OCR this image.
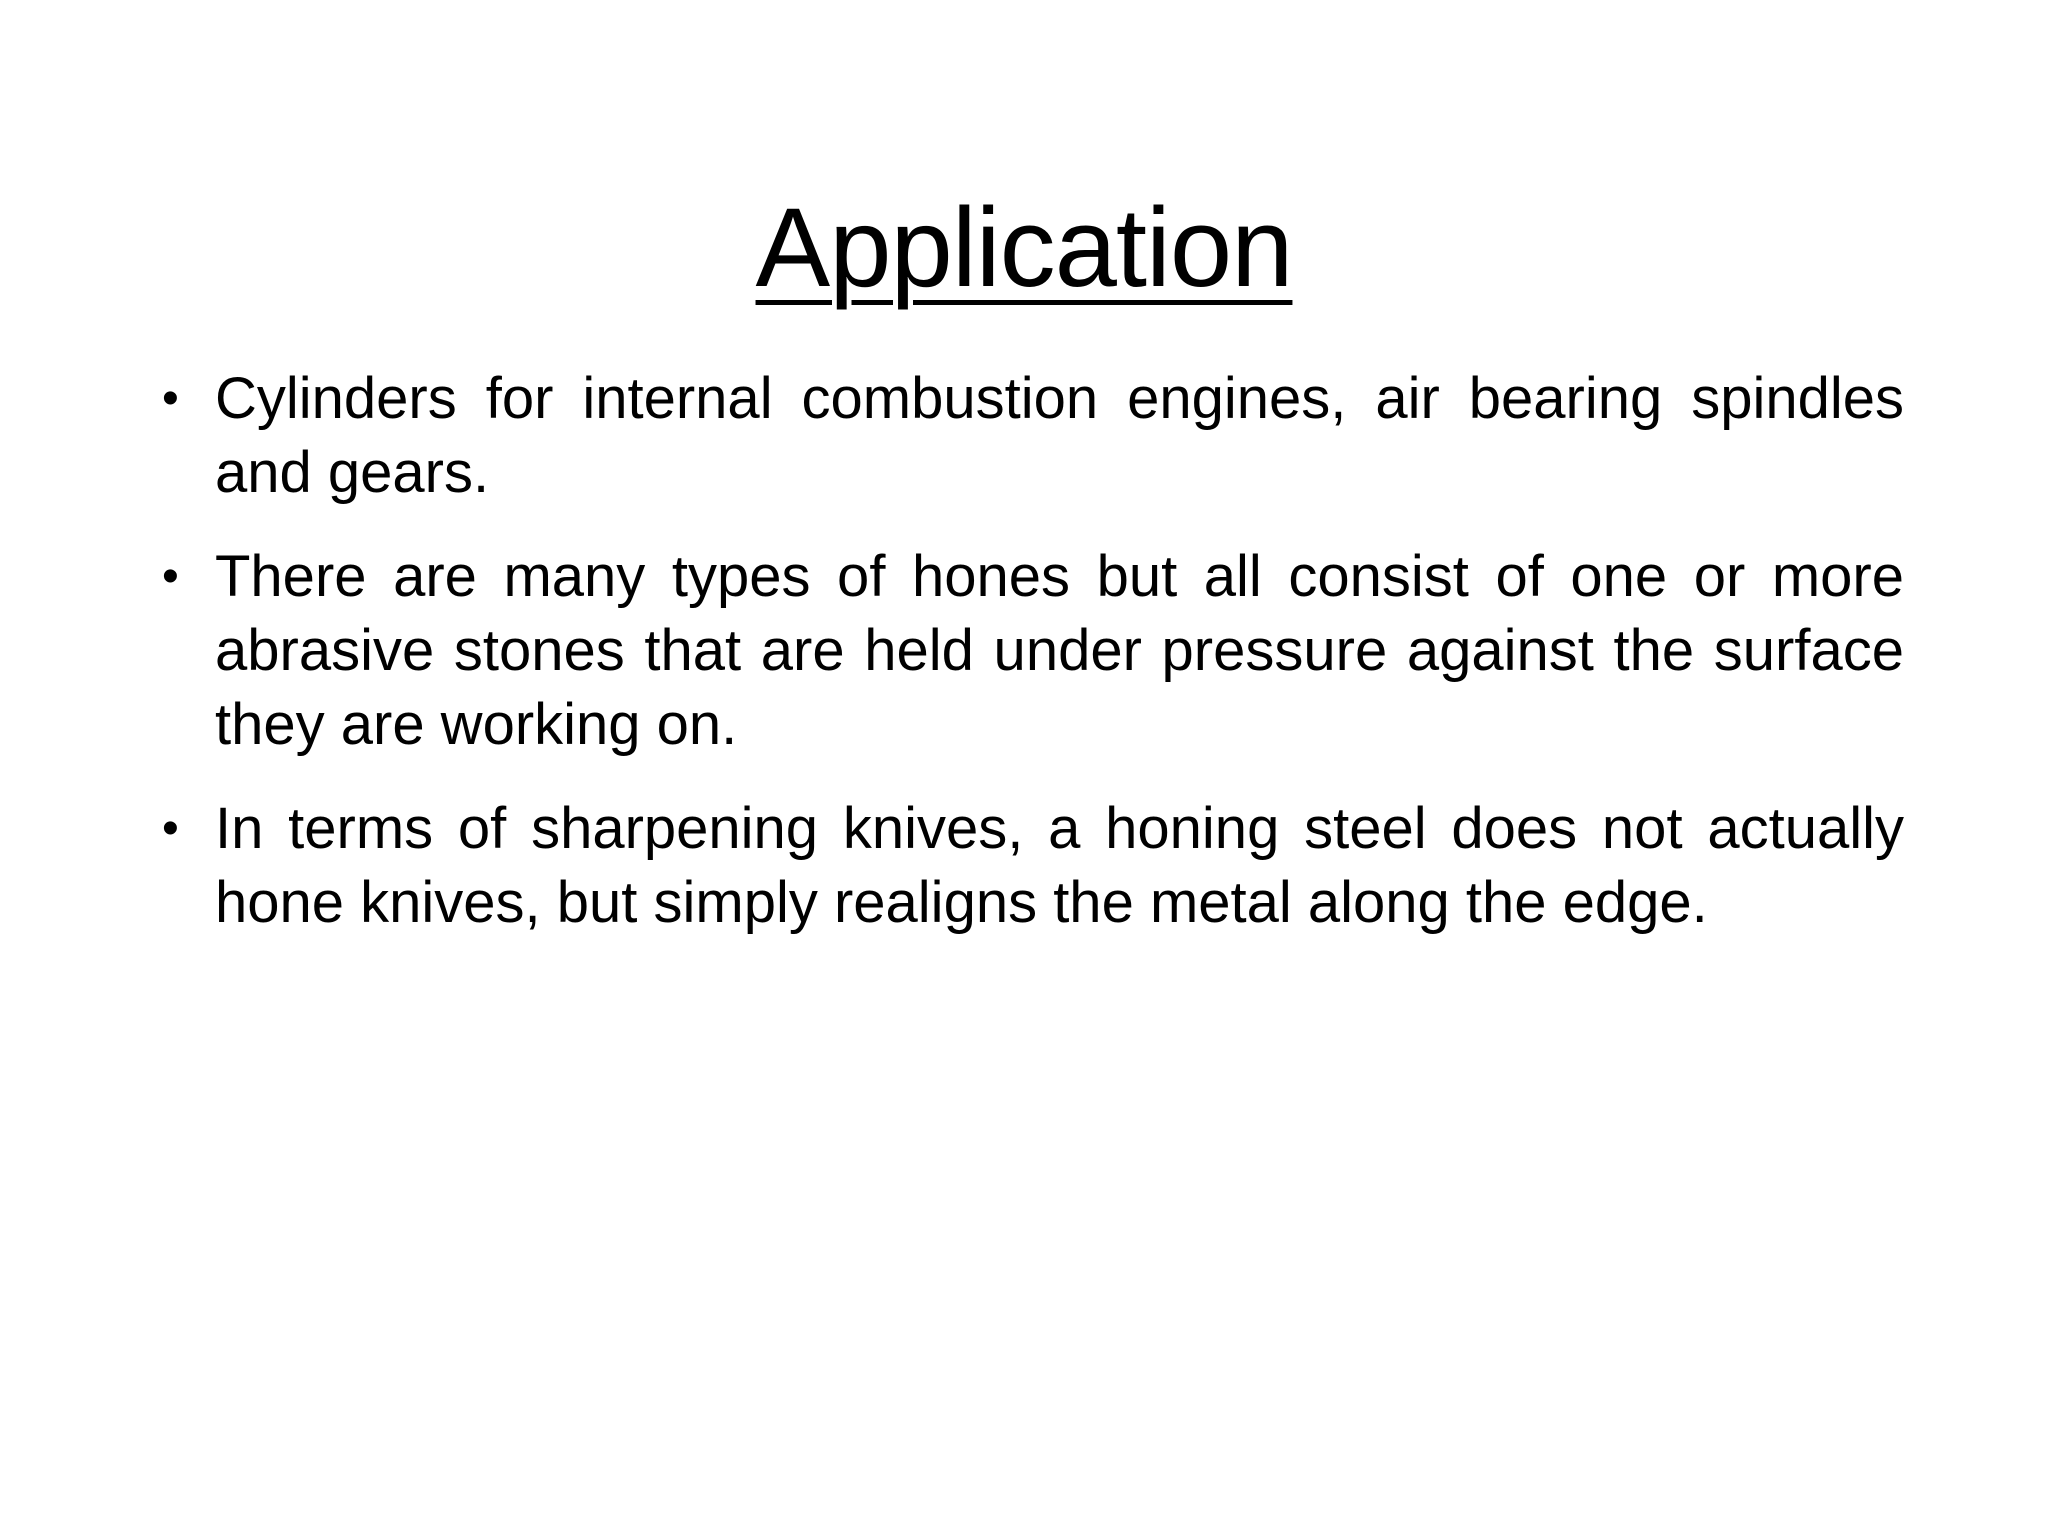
Application
• Cylinders for internal combustion engines, air bearing spindles and gears.
• There are many types of hones but all consist of one or more abrasive stones that are held under pressure against the surface they are working on.
• In terms of sharpening knives, a honing steel does not actually hone knives, but simply realigns the metal along the edge.
